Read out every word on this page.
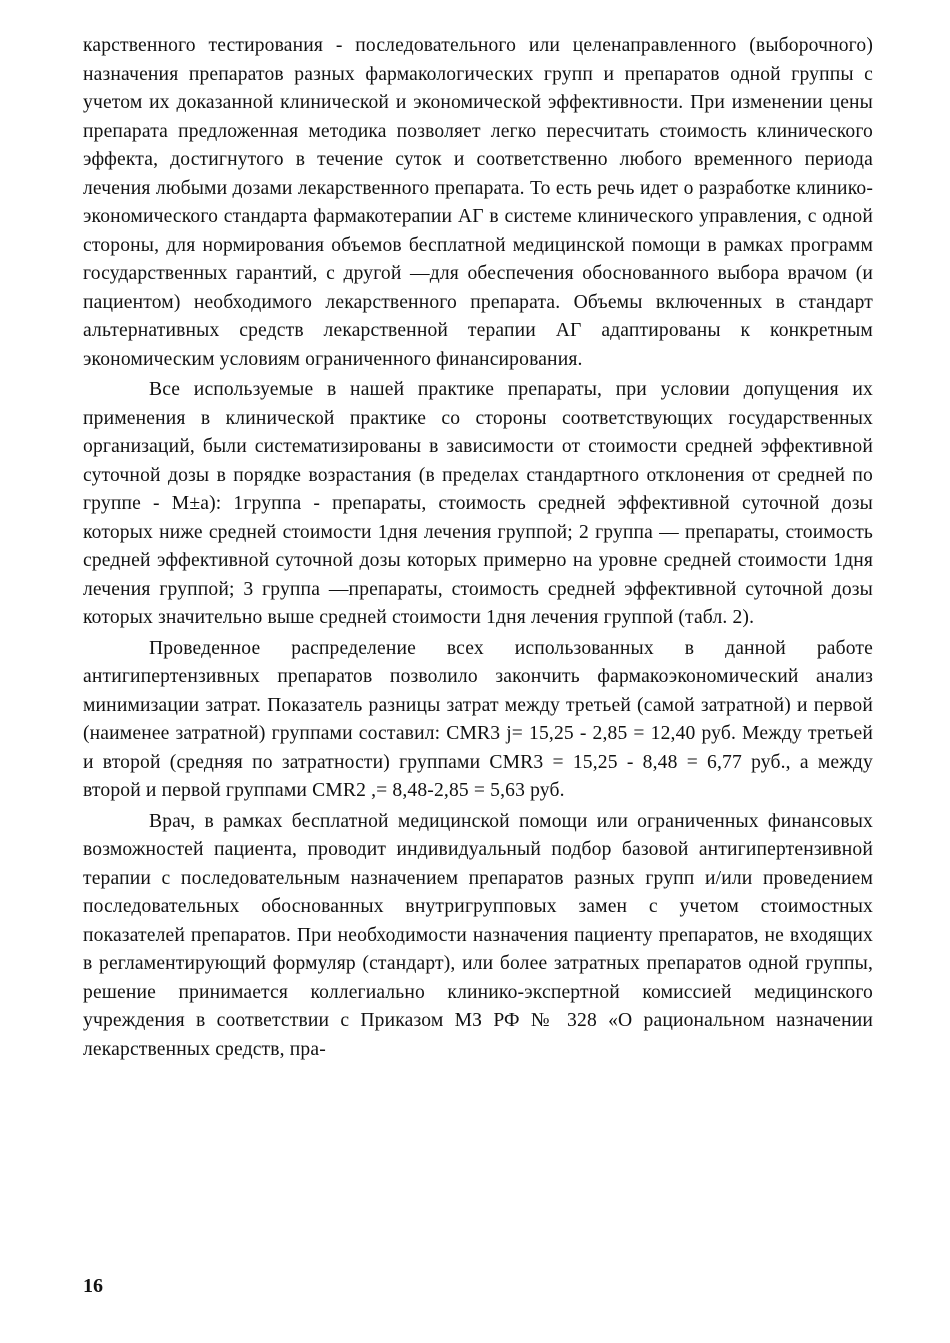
карственного тестирования - последовательного или целенаправленного (выборочного) назначения препаратов разных фармакологических групп и препаратов одной группы с учетом их доказанной клинической и экономической эффективности. При изменении цены препарата предложенная методика позволяет легко пересчитать стоимость клинического эффекта, достигнутого в течение суток и соответственно любого временного периода лечения любыми дозами лекарственного препарата. То есть речь идет о разработке клинико-экономического стандарта фармакотерапии АГ в системе клинического управления, с одной стороны, для нормирования объемов бесплатной медицинской помощи в рамках программ государственных гарантий, с другой —для обеспечения обоснованного выбора врачом (и пациентом) необходимого лекарственного препарата. Объемы включенных в стандарт альтернативных средств лекарственной терапии АГ адаптированы к конкретным экономическим условиям ограниченного финансирования.

Все используемые в нашей практике препараты, при условии допущения их применения в клинической практике со стороны соответствующих государственных организаций, были систематизированы в зависимости от стоимости средней эффективной суточной дозы в порядке возрастания (в пределах стандартного отклонения от средней по группе - М±а): 1группа - препараты, стоимость средней эффективной суточной дозы которых ниже средней стоимости 1дня лечения группой; 2 группа — препараты, стоимость средней эффективной суточной дозы которых примерно на уровне средней стоимости 1дня лечения группой; 3 группа —препараты, стоимость средней эффективной суточной дозы которых значительно выше средней стоимости 1дня лечения группой (табл. 2).

Проведенное распределение всех использованных в данной работе антигипертензивных препаратов позволило закончить фармакоэкономический анализ минимизации затрат. Показатель разницы затрат между третьей (самой затратной) и первой (наименее затратной) группами составил: CMR3 j= 15,25 - 2,85 = 12,40 руб. Между третьей и второй (средняя по затратности) группами CMR3 = 15,25 - 8,48 = 6,77 руб., а между второй и первой группами CMR2 ,= 8,48-2,85 = 5,63 руб.

Врач, в рамках бесплатной медицинской помощи или ограниченных финансовых возможностей пациента, проводит индивидуальный подбор базовой антигипертензивной терапии с последовательным назначением препаратов разных групп и/или проведением последовательных обоснованных внутригрупповых замен с учетом стоимостных показателей препаратов. При необходимости назначения пациенту препаратов, не входящих в регламентирующий формуляр (стандарт), или более затратных препаратов одной группы, решение принимается коллегиально клинико-экспертной комиссией медицинского учреждения в соответствии с Приказом МЗ РФ № 328 «О рациональном назначении лекарственных средств, пра-

16
